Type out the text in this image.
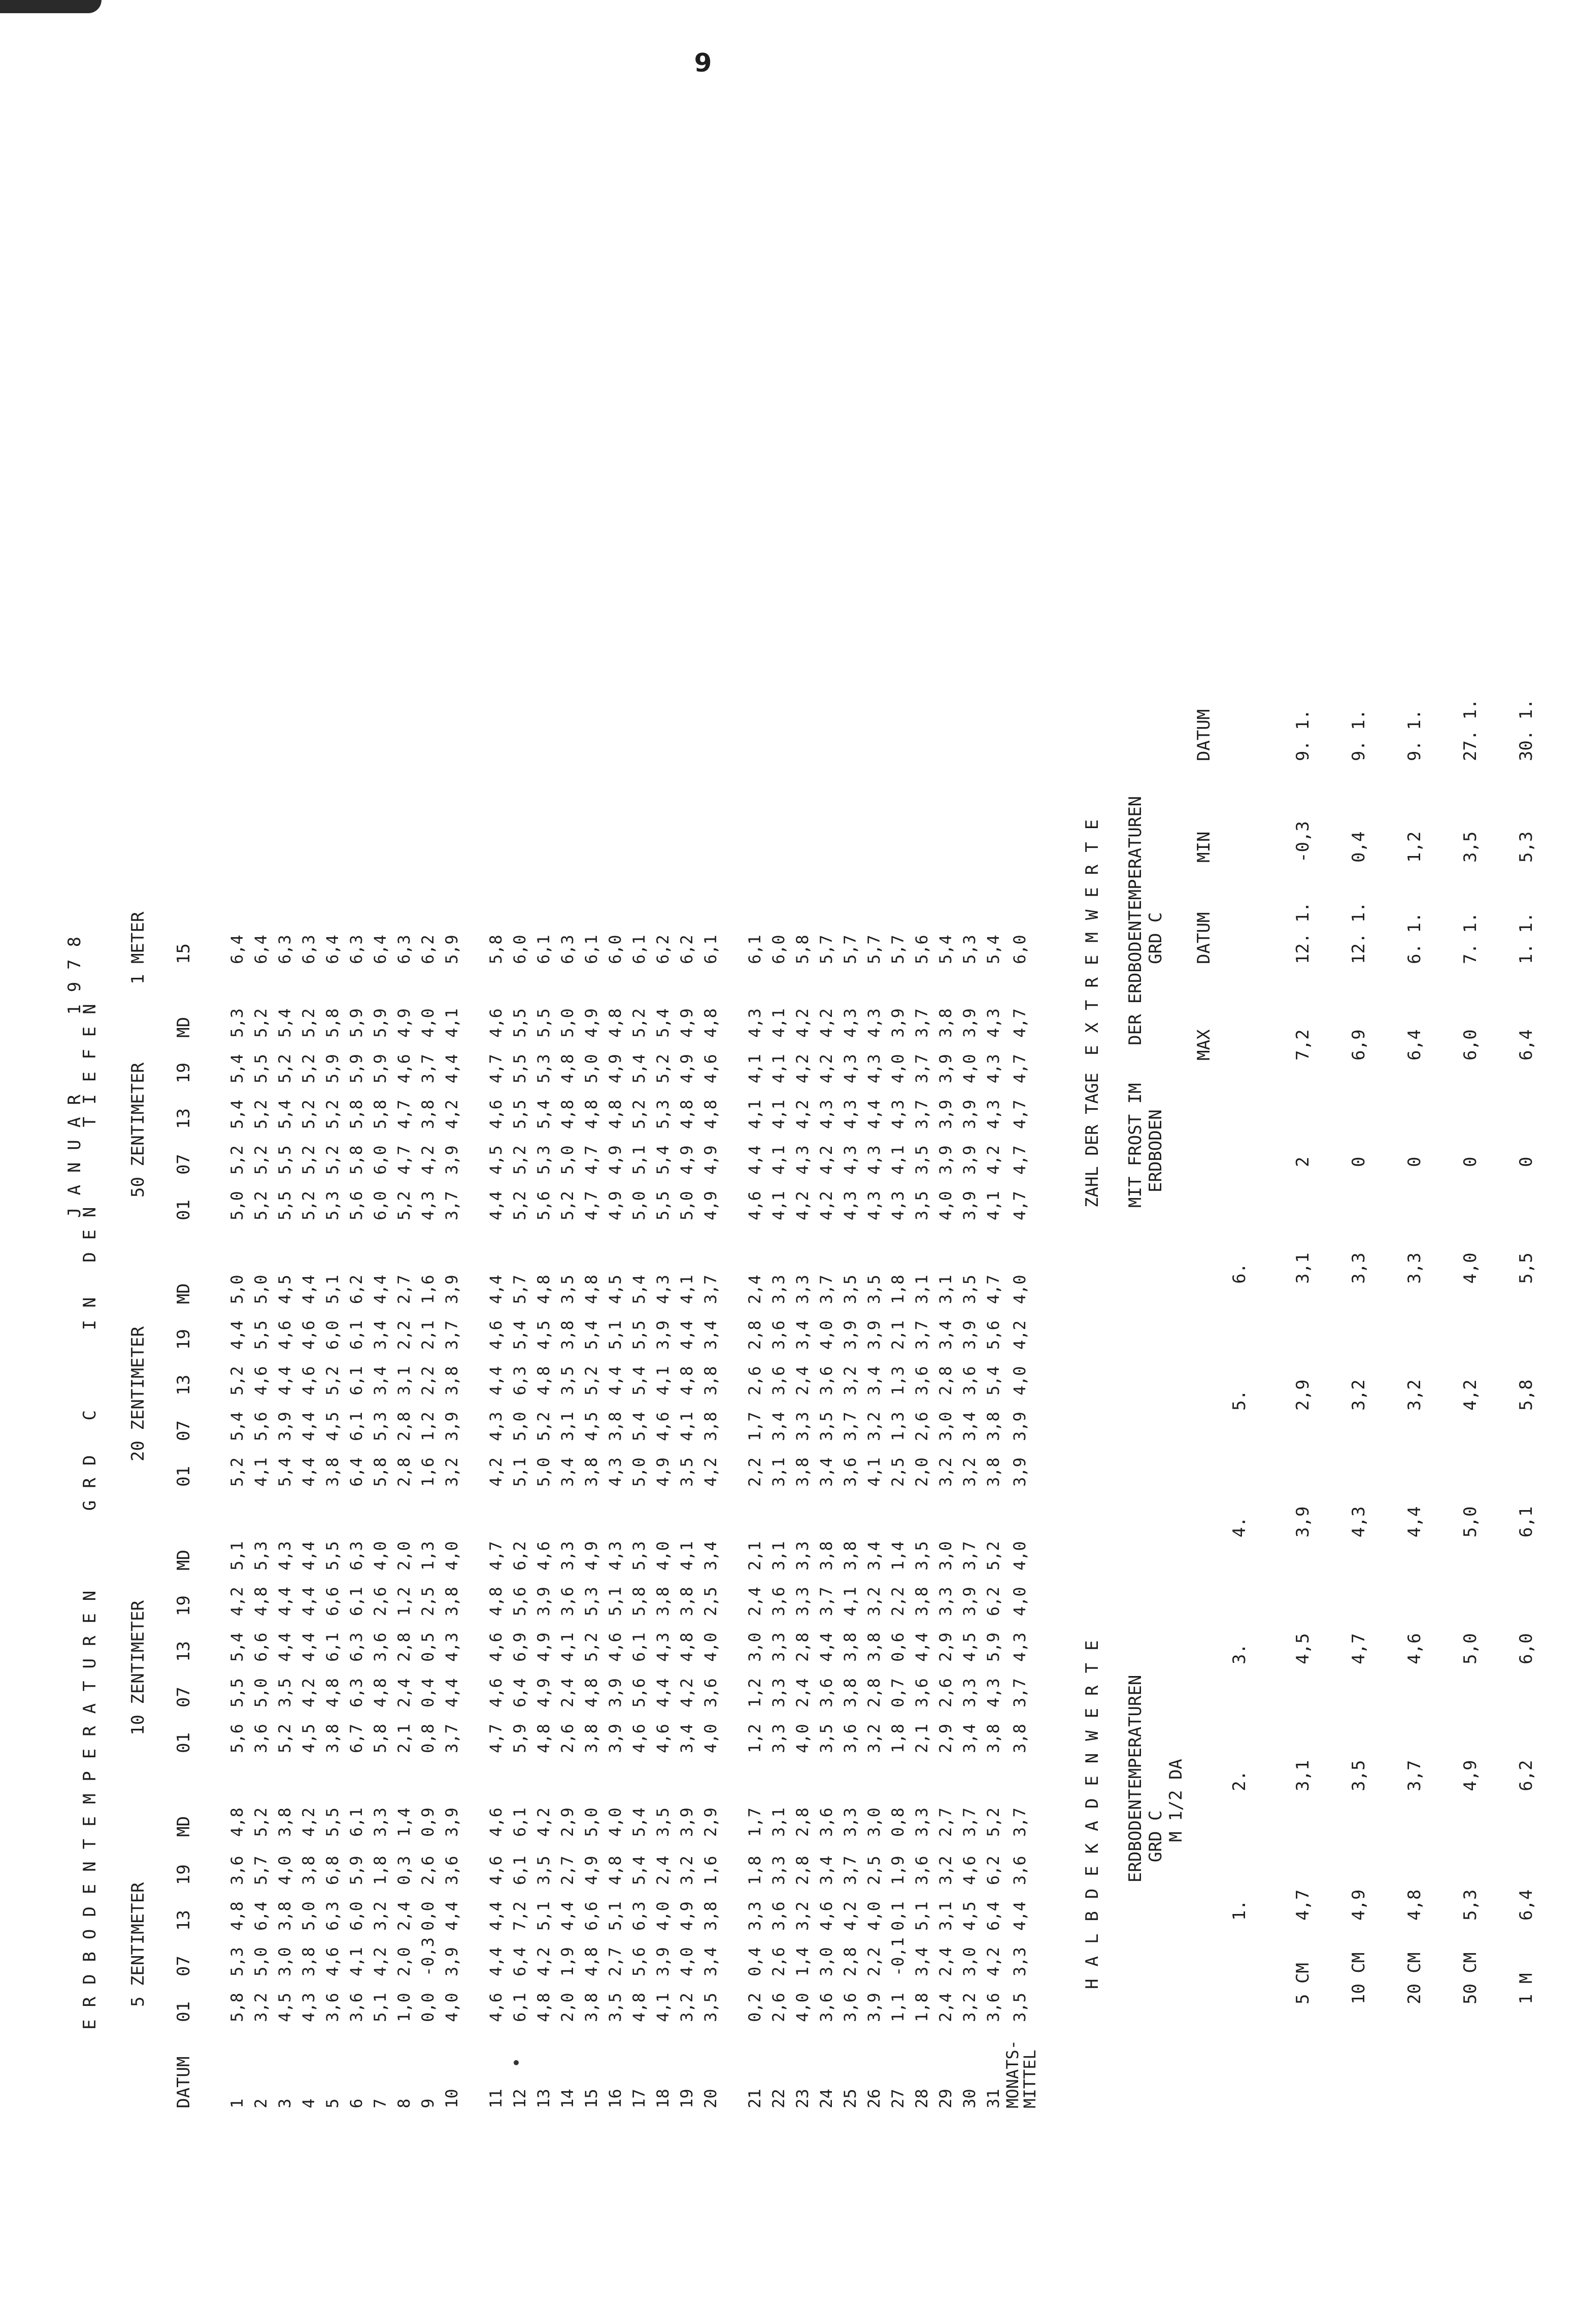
9
ERDBODENTEMPERATUREN   GRD C   IN DEN   TIEFEN
JANUAR   1978
5 ZENTIMETER
10 ZENTIMETER
20 ZENTIMETER
50 ZENTIMETER
1 METER
DATUM
01
07
13
19
MD
01
07
13
19
MD
01
07
13
19
MD
01
07
13
19
MD
15
1
5,8
5,3
4,8
3,6
4,8
5,6
5,5
5,4
4,2
5,1
5,2
5,4
5,2
4,4
5,0
5,0
5,2
5,4
5,4
5,3
6,4
2
3,2
5,0
6,4
5,7
5,2
3,6
5,0
6,6
4,8
5,3
4,1
5,6
4,6
5,5
5,0
5,2
5,2
5,2
5,5
5,2
6,4
3
4,5
3,0
3,8
4,0
3,8
5,2
3,5
4,4
4,4
4,3
5,4
3,9
4,4
4,6
4,5
5,5
5,5
5,4
5,2
5,4
6,3
4
4,3
3,8
5,0
3,8
4,2
4,5
4,2
4,4
4,4
4,4
4,4
4,4
4,6
4,6
4,4
5,2
5,2
5,2
5,2
5,2
6,3
5
3,6
4,6
6,3
6,8
5,5
3,8
4,8
6,1
6,6
5,5
3,8
4,5
5,2
6,0
5,1
5,3
5,2
5,2
5,9
5,8
6,4
6
3,6
4,1
6,0
5,9
6,1
6,7
6,3
6,3
6,1
6,3
6,4
6,1
6,1
6,1
6,2
5,6
5,8
5,8
5,9
5,9
6,3
7
5,1
4,2
3,2
1,8
3,3
5,8
4,8
3,6
2,6
4,0
5,8
5,3
3,4
3,4
4,4
6,0
6,0
5,8
5,9
5,9
6,4
8
1,0
2,0
2,4
0,3
1,4
2,1
2,4
2,8
1,2
2,0
2,8
2,8
3,1
2,2
2,7
5,2
4,7
4,7
4,6
4,9
6,3
9
0,0
-0,3
0,0
2,6
0,9
0,8
0,4
0,5
2,5
1,3
1,6
1,2
2,2
2,1
1,6
4,3
4,2
3,8
3,7
4,0
6,2
10
4,0
3,9
4,4
3,6
3,9
3,7
4,4
4,3
3,8
4,0
3,2
3,9
3,8
3,7
3,9
3,7
3,9
4,2
4,4
4,1
5,9
11
4,6
4,4
4,4
4,6
4,6
4,7
4,6
4,6
4,8
4,7
4,2
4,3
4,4
4,6
4,4
4,4
4,5
4,6
4,7
4,6
5,8
12
6,1
6,4
7,2
6,1
6,1
5,9
6,4
6,9
5,6
6,2
5,1
5,0
6,3
5,4
5,7
5,2
5,2
5,5
5,5
5,5
6,0
13
4,8
4,2
5,1
3,5
4,2
4,8
4,9
4,9
3,9
4,6
5,0
5,2
4,8
4,5
4,8
5,6
5,3
5,4
5,3
5,5
6,1
14
2,0
1,9
4,4
2,7
2,9
2,6
2,4
4,1
3,6
3,3
3,4
3,1
3,5
3,8
3,5
5,2
5,0
4,8
4,8
5,0
6,3
15
3,8
4,8
6,6
4,9
5,0
3,8
4,8
5,2
5,3
4,9
3,8
4,5
5,2
5,4
4,8
4,7
4,7
4,8
5,0
4,9
6,1
16
3,5
2,7
5,1
4,8
4,0
3,9
3,9
4,6
5,1
4,3
4,3
3,8
4,4
5,1
4,5
4,9
4,9
4,8
4,9
4,8
6,0
17
4,8
5,6
6,3
5,4
5,4
4,6
5,6
6,1
5,8
5,3
5,0
5,4
5,4
5,5
5,4
5,0
5,1
5,2
5,4
5,2
6,1
18
4,1
3,9
4,0
2,4
3,5
4,6
4,4
4,3
3,8
4,0
4,9
4,6
4,1
3,9
4,3
5,5
5,4
5,3
5,2
5,4
6,2
19
3,2
4,0
4,9
3,2
3,9
3,4
4,2
4,8
3,8
4,1
3,5
4,1
4,8
4,4
4,1
5,0
4,9
4,8
4,9
4,9
6,2
20
3,5
3,4
3,8
1,6
2,9
4,0
3,6
4,0
2,5
3,4
4,2
3,8
3,8
3,4
3,7
4,9
4,9
4,8
4,6
4,8
6,1
21
0,2
0,4
3,3
1,8
1,7
1,2
1,2
3,0
2,4
2,1
2,2
1,7
2,6
2,8
2,4
4,6
4,4
4,1
4,1
4,3
6,1
22
2,6
2,6
3,6
3,3
3,1
3,3
3,3
3,3
3,6
3,1
3,1
3,4
3,6
3,6
3,3
4,1
4,1
4,1
4,1
4,1
6,0
23
4,0
1,4
3,2
2,8
2,8
4,0
2,4
2,8
3,3
3,3
3,8
3,3
2,4
3,4
3,3
4,2
4,3
4,2
4,2
4,2
5,8
24
3,6
3,0
4,6
3,4
3,6
3,5
3,6
4,4
3,7
3,8
3,4
3,5
3,6
4,0
3,7
4,2
4,2
4,3
4,2
4,2
5,7
25
3,6
2,8
4,2
3,7
3,3
3,6
3,8
3,8
4,1
3,8
3,6
3,7
3,2
3,9
3,5
4,3
4,3
4,3
4,3
4,3
5,7
26
3,9
2,2
4,0
2,5
3,0
3,2
2,8
3,8
3,2
3,4
4,1
3,2
3,4
3,9
3,5
4,3
4,3
4,4
4,3
4,3
5,7
27
1,1
-0,1
0,1
1,9
0,8
1,8
0,7
0,6
2,2
1,4
2,5
1,3
1,3
2,1
1,8
4,3
4,1
4,3
4,0
3,9
5,7
28
1,8
3,4
5,1
3,6
3,3
2,1
3,6
4,4
3,8
3,5
2,0
2,6
3,6
3,7
3,1
3,5
3,5
3,7
3,7
3,7
5,6
29
2,4
2,4
3,1
3,2
2,7
2,9
2,6
2,9
3,3
3,0
3,2
3,0
2,8
3,4
3,1
4,0
3,9
3,9
3,9
3,8
5,4
30
3,2
3,0
4,5
4,6
3,7
3,4
3,3
4,5
3,9
3,7
3,2
3,4
3,6
3,9
3,5
3,9
3,9
3,9
4,0
3,9
5,3
31
3,6
4,2
6,4
6,2
5,2
3,8
4,3
5,9
6,2
5,2
3,8
3,8
5,4
5,6
4,7
4,1
4,2
4,3
4,3
4,3
5,4
MONATS-
MITTEL
3,5
3,3
4,4
3,6
3,7
3,8
3,7
4,3
4,0
4,0
3,9
3,9
4,0
4,2
4,0
4,7
4,7
4,7
4,7
4,7
6,0
HALBDEKADENWERTE
ZAHL DER TAGE
EXTREMWERTE
ERDBODENTEMPERATUREN GRD C M 1/2 DA
MIT FROST IM ERDBODEN
DER ERDBODENTEMPERATUREN GRD C
1.
2.
3.
4.
5.
6.
MAX
DATUM
MIN
DATUM
5 CM
4,7
3,1
4,5
3,9
2,9
3,1
2
7,2
12. 1.
-0,3
9. 1.
10 CM
4,9
3,5
4,7
4,3
3,2
3,3
0
6,9
12. 1.
0,4
9. 1.
20 CM
4,8
3,7
4,6
4,4
3,2
3,3
0
6,4
6. 1.
1,2
9. 1.
50 CM
5,3
4,9
5,0
5,0
4,2
4,0
0
6,0
7. 1.
3,5
27. 1.
1 M
6,4
6,2
6,0
6,1
5,8
5,5
0
6,4
1. 1.
5,3
30. 1.
